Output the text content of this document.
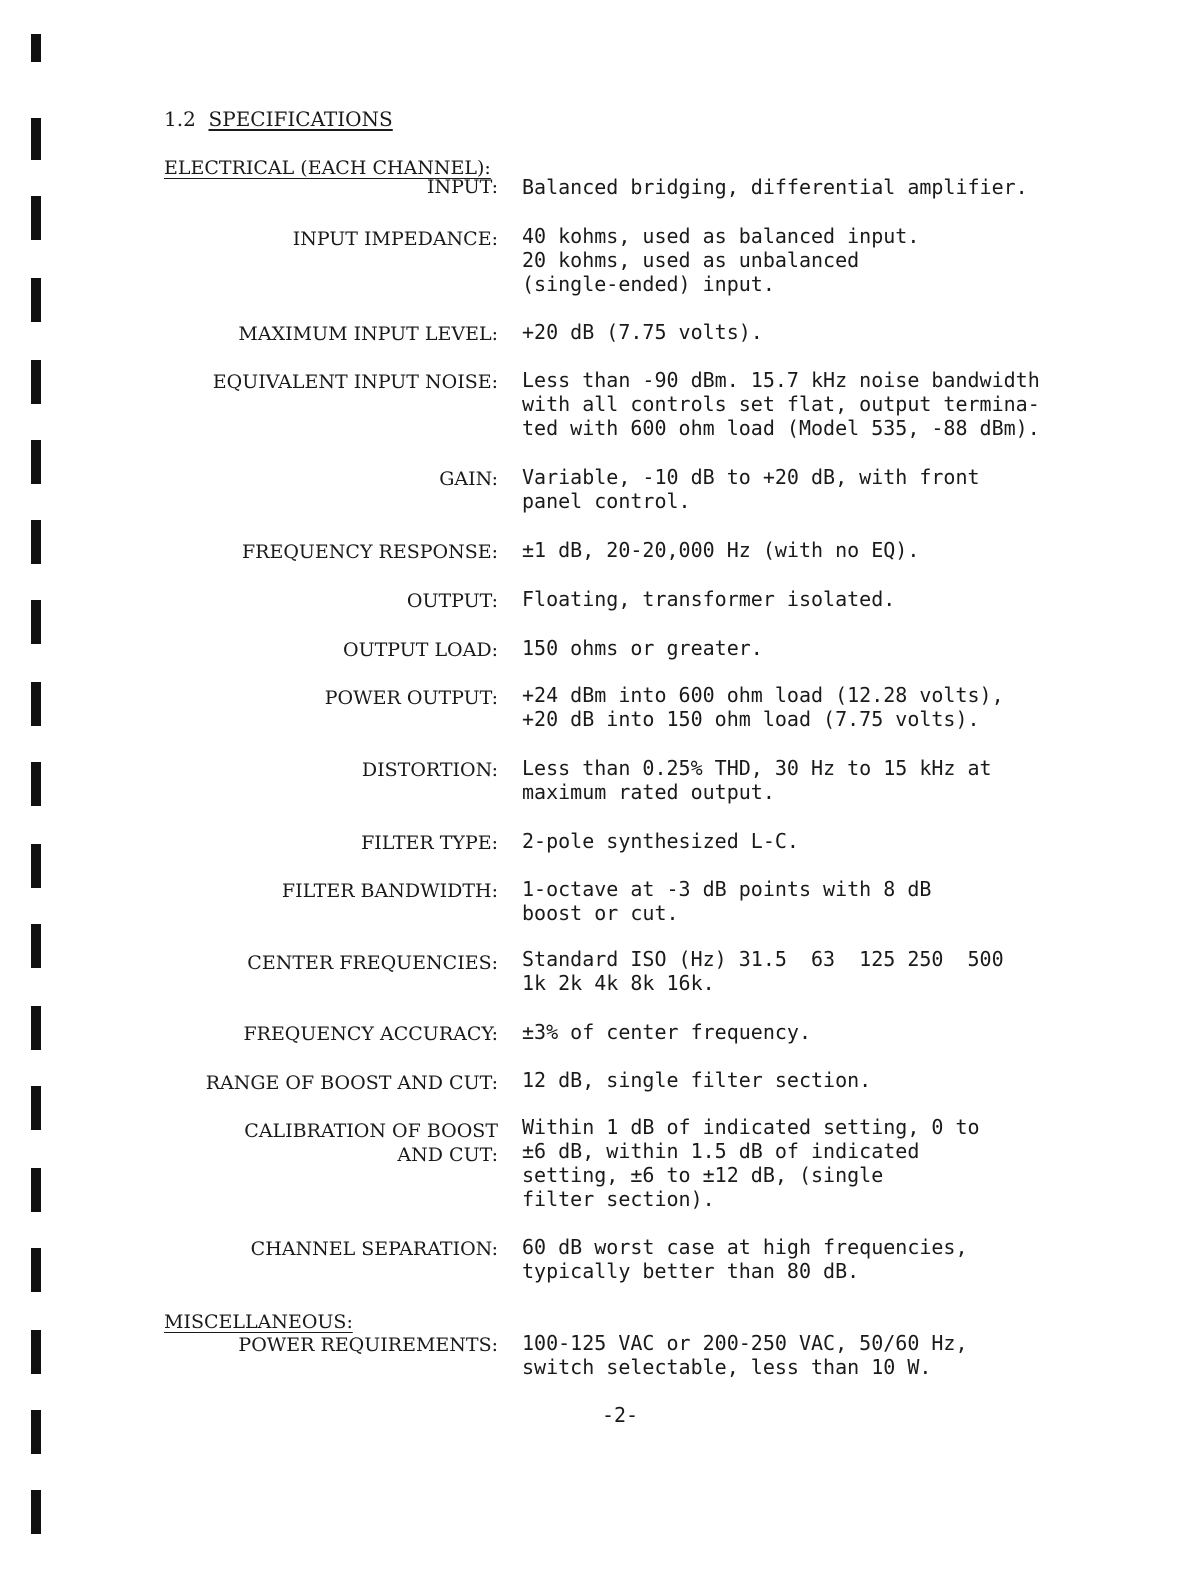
1.2 SPECIFICATIONS
ELECTRICAL (EACH CHANNEL):
INPUT: Balanced bridging, differential amplifier.
INPUT IMPEDANCE: 40 kohms, used as balanced input.
20 kohms, used as unbalanced
(single-ended) input.
MAXIMUM INPUT LEVEL: +20 dB (7.75 volts).
EQUIVALENT INPUT NOISE: Less than -90 dBm. 15.7 kHz noise bandwidth
with all controls set flat, output termina-
ted with 600 ohm load (Model 535, -88 dBm).
GAIN: Variable, -10 dB to +20 dB, with front
panel control.
FREQUENCY RESPONSE: ±1 dB, 20-20,000 Hz (with no EQ).
OUTPUT: Floating, transformer isolated.
OUTPUT LOAD: 150 ohms or greater.
POWER OUTPUT: +24 dBm into 600 ohm load (12.28 volts),
+20 dB into 150 ohm load (7.75 volts).
DISTORTION: Less than 0.25% THD, 30 Hz to 15 kHz at
maximum rated output.
FILTER TYPE: 2-pole synthesized L-C.
FILTER BANDWIDTH: 1-octave at -3 dB points with 8 dB
boost or cut.
CENTER FREQUENCIES: Standard ISO (Hz) 31.5  63  125 250  500
1k 2k 4k 8k 16k.
FREQUENCY ACCURACY: ±3% of center frequency.
RANGE OF BOOST AND CUT: 12 dB, single filter section.
CALIBRATION OF BOOST
AND CUT:
Within 1 dB of indicated setting, 0 to
±6 dB, within 1.5 dB of indicated
setting, ±6 to ±12 dB, (single
filter section).
CHANNEL SEPARATION: 60 dB worst case at high frequencies,
typically better than 80 dB.
MISCELLANEOUS:
POWER REQUIREMENTS: 100-125 VAC or 200-250 VAC, 50/60 Hz,
switch selectable, less than 10 W.
-2-
